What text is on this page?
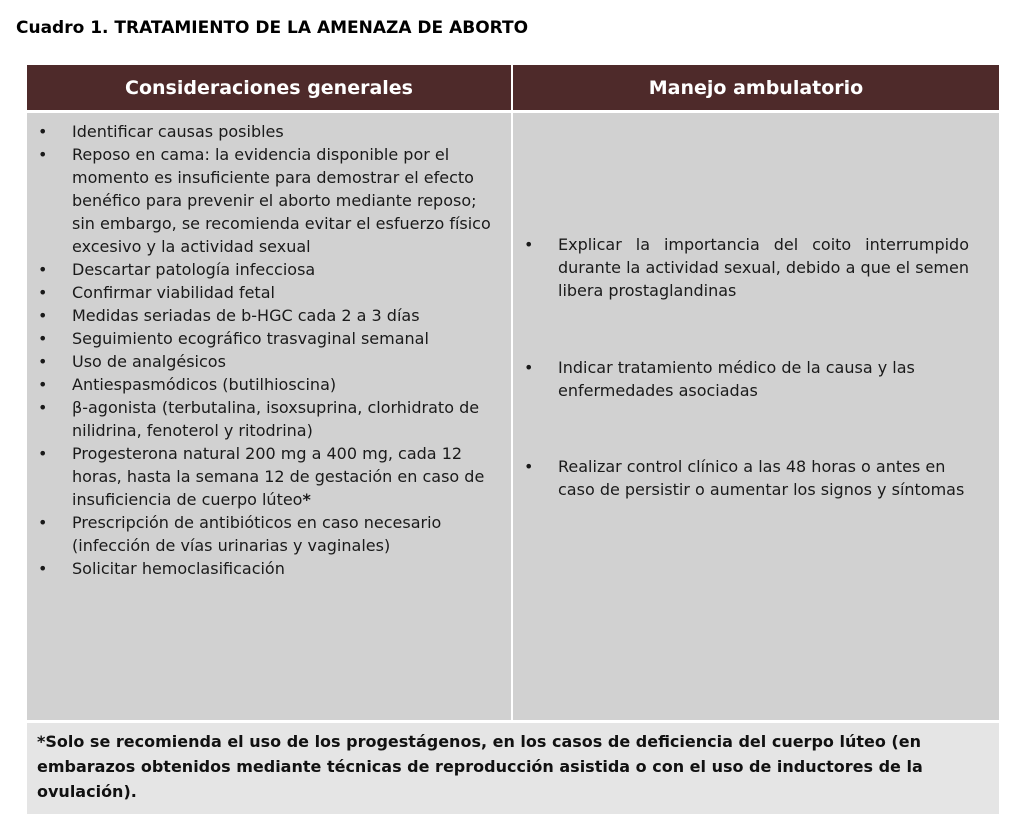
Cuadro 1. TRATAMIENTO DE LA AMENAZA DE ABORTO
Consideraciones generales	Manejo ambulatorio
• Identificar causas posibles
• Reposo en cama: la evidencia disponible por el momento es insuficiente para demostrar el efecto benéfico para prevenir el aborto mediante reposo; sin embargo, se recomienda evitar el esfuerzo físico excesivo y la actividad sexual
• Descartar patología infecciosa
• Confirmar viabilidad fetal
• Medidas seriadas de b-HGC cada 2 a 3 días
• Seguimiento ecográfico trasvaginal semanal
• Uso de analgésicos
• Antiespasmódicos (butilhioscina)
• β-agonista (terbutalina, isoxsuprina, clorhidrato de nilidrina, fenoterol y ritodrina)
• Progesterona natural 200 mg a 400 mg, cada 12 horas, hasta la semana 12 de gestación en caso de insuficiencia de cuerpo lúteo*
• Prescripción de antibióticos en caso necesario (infección de vías urinarias y vaginales)
• Solicitar hemoclasificación
• Explicar la importancia del coito interrumpido durante la actividad sexual, debido a que el semen libera prostaglandinas
• Indicar tratamiento médico de la causa y las enfermedades asociadas
• Realizar control clínico a las 48 horas o antes en caso de persistir o aumentar los signos y síntomas
*Solo se recomienda el uso de los progestágenos, en los casos de deficiencia del cuerpo lúteo (en embarazos obtenidos mediante técnicas de reproducción asistida o con el uso de inductores de la ovulación).
